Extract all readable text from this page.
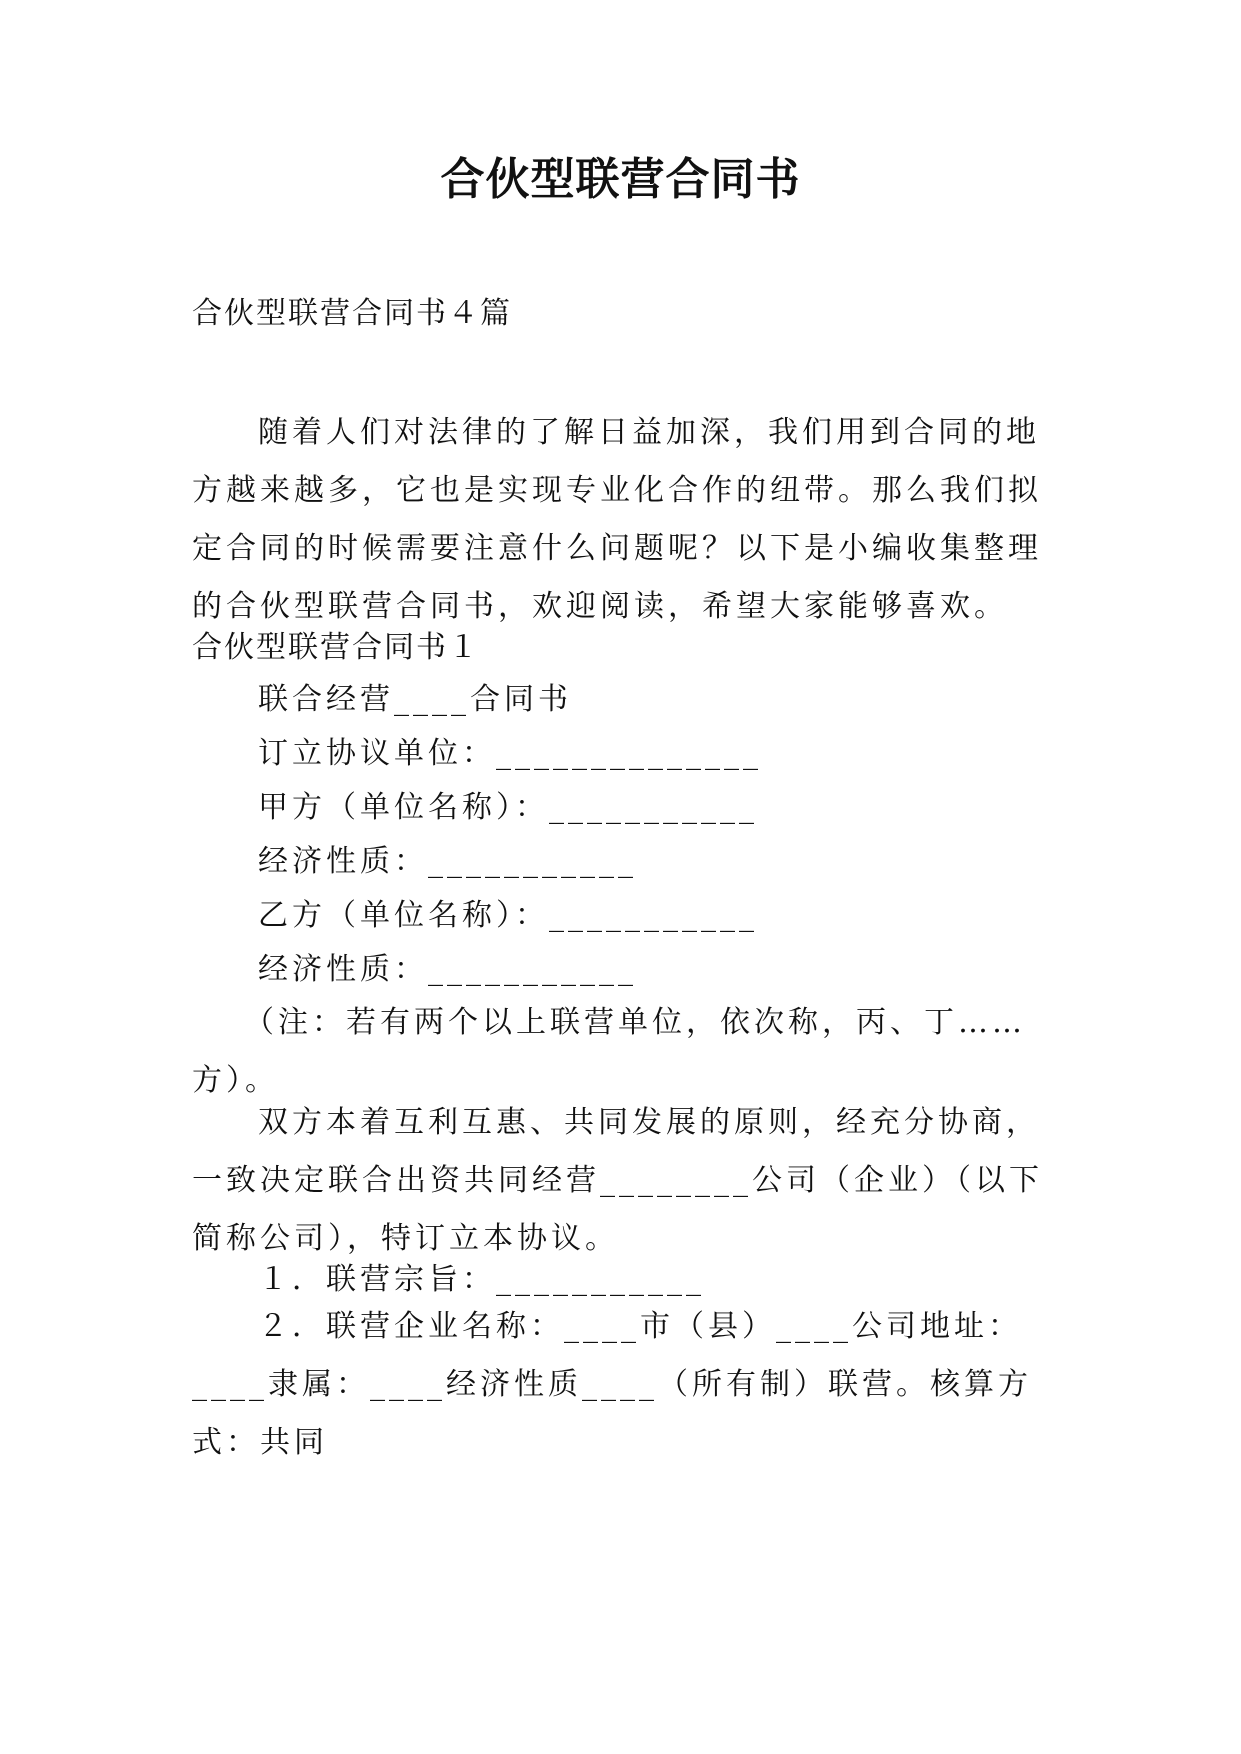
合伙型联营合同书
合伙型联营合同书４篇
随着人们对法律的了解日益加深，我们用到合同的地方越来越多，它也是实现专业化合作的纽带。那么我们拟定合同的时候需要注意什么问题呢？以下是小编收集整理的合伙型联营合同书，欢迎阅读，希望大家能够喜欢。
合伙型联营合同书１
联合经营____合同书
订立协议单位：______________
甲方（单位名称）：___________
经济性质：___________
乙方（单位名称）：___________
经济性质：___________
（注：若有两个以上联营单位，依次称，丙、丁……方）。
双方本着互利互惠、共同发展的原则，经充分协商，一致决定联合出资共同经营________公司（企业）（以下简称公司），特订立本协议。
１．联营宗旨：___________
２．联营企业名称：____市（县）____公司地址：____隶属：____经济性质____（所有制）联营。核算方式：共同
